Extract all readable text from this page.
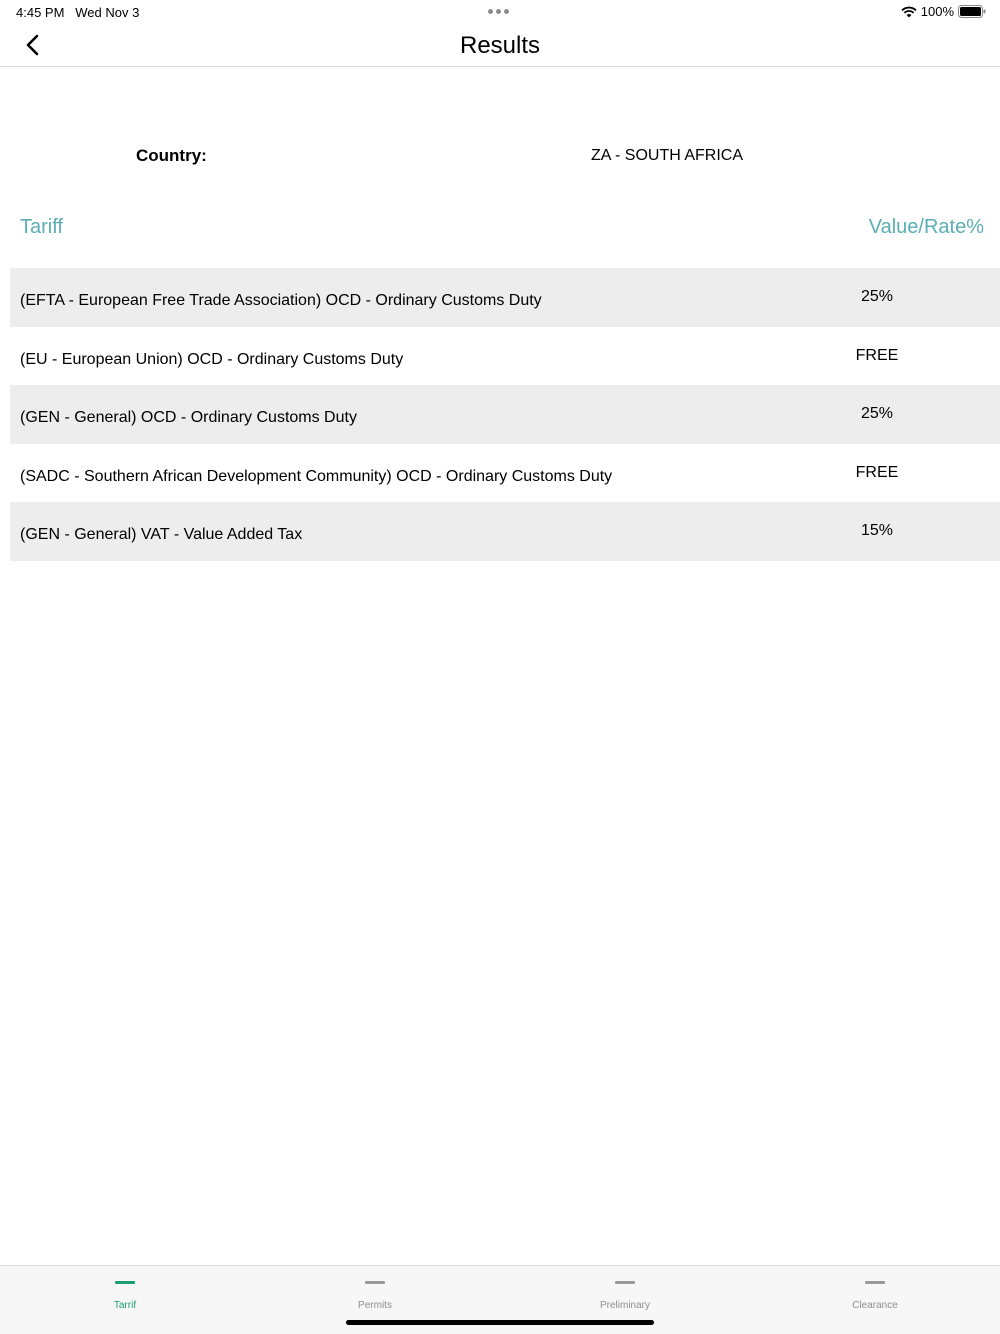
4:45 PM Wed Nov 3	100%
Results
Country:	ZA - SOUTH AFRICA
Tariff	Value/Rate%
(EFTA - European Free Trade Association) OCD - Ordinary Customs Duty	25%
(EU - European Union) OCD - Ordinary Customs Duty	FREE
(GEN - General) OCD - Ordinary Customs Duty	25%
(SADC - Southern African Development Community) OCD - Ordinary Customs Duty	FREE
(GEN - General) VAT - Value Added Tax	15%
Tarrif	Permits	Preliminary	Clearance
